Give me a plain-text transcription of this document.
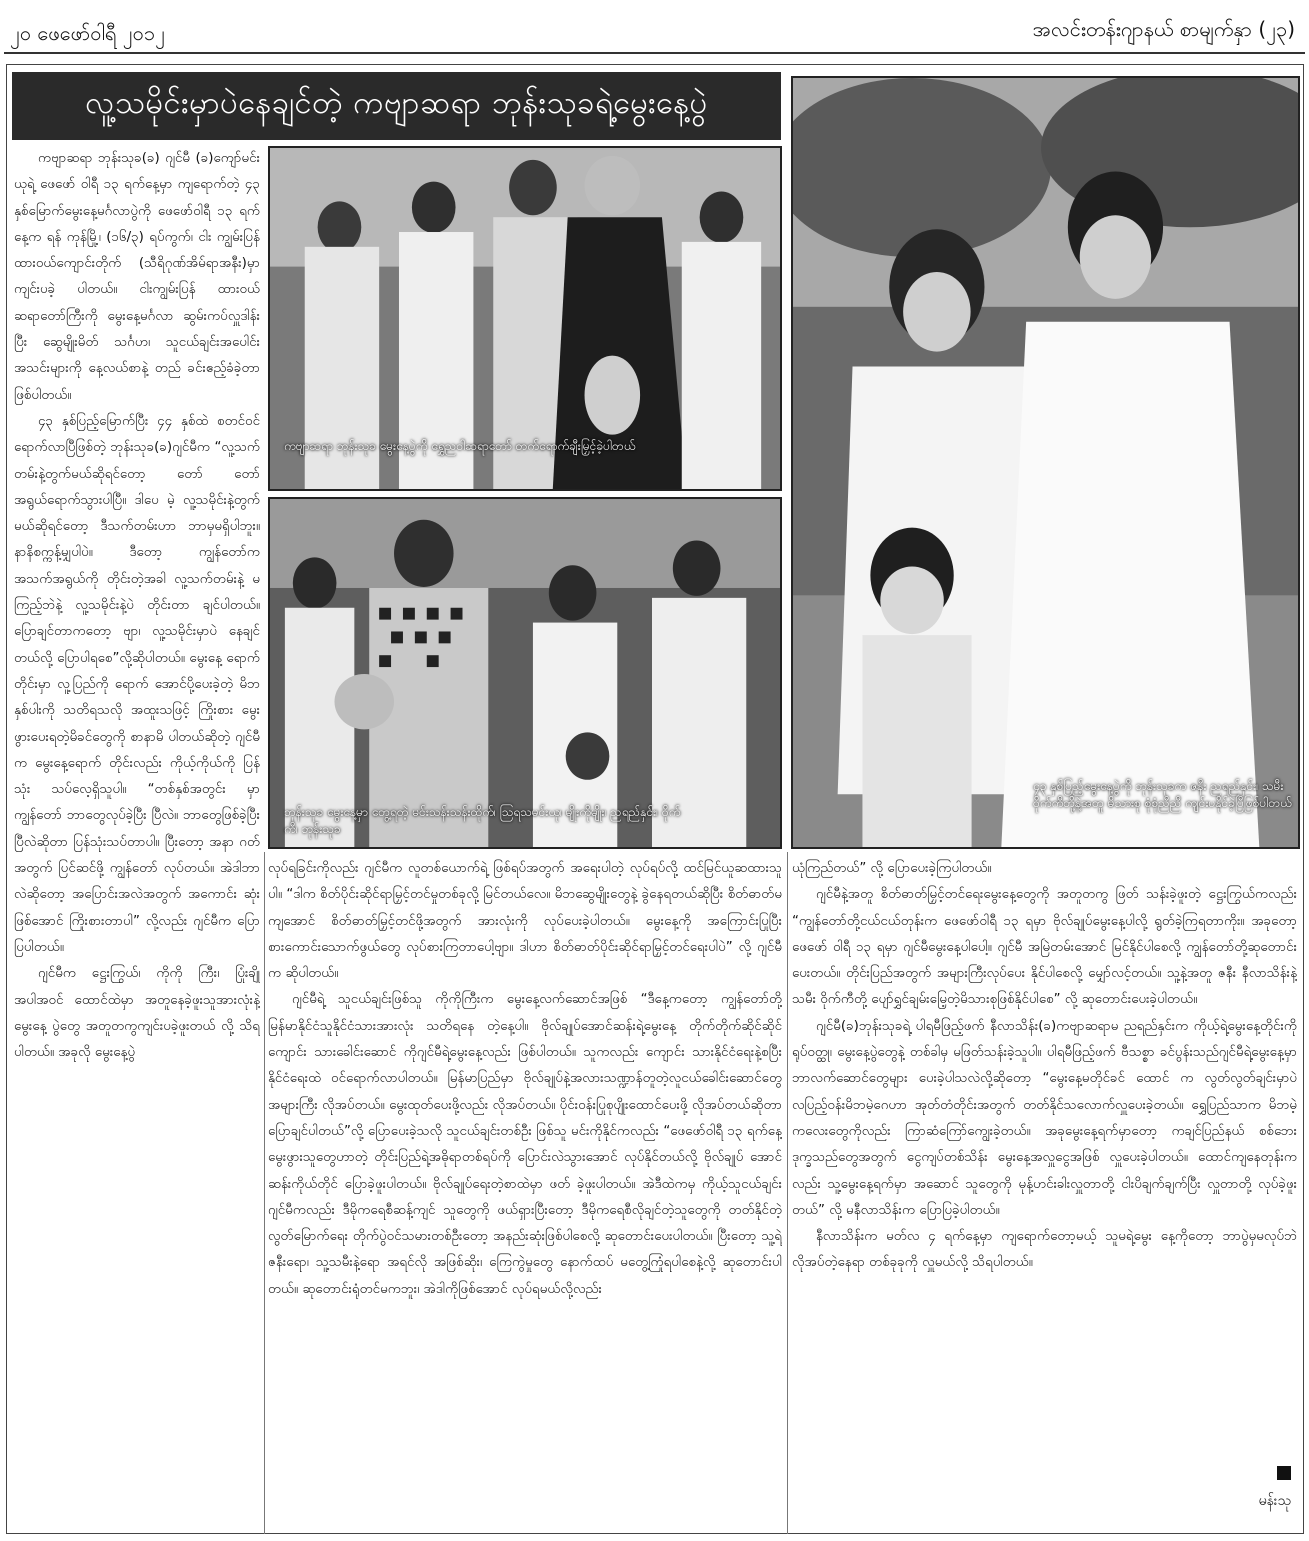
၂၀ ဖေဖော်ဝါရီ ၂၀၁၂	အလင်းတန်းဂျာနယ် စာမျက်နှာ (၂၃)
လူ့သမိုင်းမှာပဲနေချင်တဲ့ ကဗျာဆရာ ဘုန်းသုခရဲ့မွေးနေ့ပွဲ
ကဗျာဆရာ ဘုန်းသုခ မွေးနေ့ပွဲကို ရွှေညဝါဆရာတော် တက်ရောက်ချီးမြှင့်ခဲ့ပါတယ်
ဘုန်းသုခ မွေးနေ့မှာ တွေ့ရတဲ့ မင်းသန်းသန်းထိုက်၊ သြရသမင်းယု၊ မျိုးကိုမျိုး၊ ညရည်နှင်း၊ ဝိုက်ကီ၊ ဘုန်းသုခ
၄၃ နှစ်ပြည့်မွေးနေ့ပွဲကို ဘုန်းသုခက ဇနီး ညရည်နှင်း၊ သမီး ဝိုက်ကီတို့နဲ့အတူ မိသားစု စုံစုံညီညီ ကျင်းပနိုင်ခဲ့ပြီဖြစ်ပါတယ်

ကဗျာဆရာ ဘုန်းသုခ(ခ) ဂျင်မီ (ခ)ကျော်မင်းယုရဲ့ ဖေဖော် ဝါရီ ၁၃ ရက်နေ့မှာ ကျရောက်တဲ့ ၄၃ နှစ်မြောက်မွေးနေ့မင်္ဂလာပွဲကို ဖေဖော်ဝါရီ ၁၃ ရက်နေ့က ရန် ကုန်မြို့၊ (၁၆/၃) ရပ်ကွက်၊ ငါး ကျွမ်းပြန် ထားဝယ်ကျောင်းတိုက် (သီရိဂုဏ်အိမ်ရာအနီး)မှာ ကျင်းပခဲ့ ပါတယ်။ ငါးကျွမ်းပြန် ထားဝယ် ဆရာတော်ကြီးကို မွေးနေ့မင်္ဂလာ ဆွမ်းကပ်လှူဒါန်းပြီး ဆွေမျိုးမိတ် သင်္ဂဟ၊ သူငယ်ချင်းအပေါင်း အသင်းများကို နေ့လယ်စာနဲ့ တည် ခင်းဧည့်ခံခဲ့တာ ဖြစ်ပါတယ်။

၄၃ နှစ်ပြည့်မြောက်ပြီး ၄၄ နှစ်ထဲ စတင်ဝင်ရောက်လာပြီဖြစ်တဲ့ ဘုန်းသုခ(ခ)ဂျင်မီက “လူ့သက် တမ်းနဲ့တွက်မယ်ဆိုရင်တော့ တော် တော်အရွယ်ရောက်သွားပါပြီ။ ဒါပေ မဲ့ လူ့သမိုင်းနဲ့တွက်မယ်ဆိုရင်တော့ ဒီသက်တမ်းဟာ ဘာမှမရှိပါဘူး။ နာနိစက္ကန့်မျှပါပဲ။ ဒီတော့ ကျွန်တော်က အသက်အရွယ်ကို တိုင်းတဲ့အခါ လူ့သက်တမ်းနဲ့ မကြည့်ဘဲနဲ့ လူ့သမိုင်းနဲ့ပဲ တိုင်းတာ ချင်ပါတယ်။ ပြောချင်တာကတော့ ဗျာ၊ လူ့သမိုင်းမှာပဲ နေချင်တယ်လို့ ပြောပါရစေ”လို့ဆိုပါတယ်။ မွေးနေ့ ရောက်တိုင်းမှာ လူ့ပြည်ကို ရောက် အောင်ပို့ပေးခဲ့တဲ့ မိဘနှစ်ပါးကို သတိရသလို အထူးသဖြင့် ကြိုးစား မွေးဖွားပေးရတဲ့မိခင်တွေကို စာနာမိ ပါတယ်ဆိုတဲ့ ဂျင်မီက မွေးနေ့ရောက် တိုင်းလည်း ကိုယ့်ကိုယ်ကို ပြန်သုံး သပ်လေ့ရှိသူပါ။ “တစ်နှစ်အတွင်း မှာ ကျွန်တော် ဘာတွေလုပ်ခဲ့ပြီး ပြီလဲ။ ဘာတွေဖြစ်ခဲ့ပြီးပြီလဲဆိုတာ ပြန်သုံးသပ်တာပါ။ ပြီးတော့ အနာ ဂတ်အတွက် ပြင်ဆင်ဖို့ ကျွန်တော် လုပ်တယ်။ အဲဒါဘာလဲဆိုတော့ အပြောင်းအလဲအတွက် အကောင်း ဆုံးဖြစ်အောင် ကြိုးစားတာပါ” လို့လည်း ဂျင်မီက ပြောပြပါတယ်။

ဂျင်မီက ဋ္ဌေးကြွယ်၊ ကိုကို ကြီး၊ ပြုံးချိုအပါအဝင် ထောင်ထဲမှာ အတူနေခဲ့ဖူးသူအားလုံးနဲ့ မွေးနေ့ ပွဲတွေ အတူတကွကျင်းပခဲ့ဖူးတယ် လို့ သိရပါတယ်။ အခုလို မွေးနေ့ပွဲ

လုပ်ရခြင်းကိုလည်း ဂျင်မီက လူတစ်ယောက်ရဲ့ ဖြစ်ရပ်အတွက် အရေးပါတဲ့ လုပ်ရပ်လို့ ထင်မြင်ယူဆထားသူပါ။ “ဒါက စိတ်ပိုင်းဆိုင်ရာမြှင့်တင်မှုတစ်ခုလို့ မြင်တယ်လေ။ မိဘဆွေမျိုးတွေနဲ့ ခွဲနေရတယ်ဆိုပြီး စိတ်ဓာတ်မကျအောင် စိတ်ဓာတ်မြှင့်တင်ဖို့အတွက် အားလုံးကို လုပ်ပေးခဲ့ပါတယ်။ မွေးနေ့ကို အကြောင်းပြုပြီး စားကောင်းသောက်ဖွယ်တွေ လုပ်စားကြတာပေါ့ဗျာ။ ဒါဟာ စိတ်ဓာတ်ပိုင်းဆိုင်ရာမြှင့်တင်ရေးပါပဲ” လို့ ဂျင်မီက ဆိုပါတယ်။

ဂျင်မီရဲ့ သူငယ်ချင်းဖြစ်သူ ကိုကိုကြီးက မွေးနေ့လက်ဆောင်အဖြစ် “ဒီနေ့ကတော့ ကျွန်တော်တို့ မြန်မာနိုင်ငံသူနိုင်ငံသားအားလုံး သတိရနေ တဲ့နေ့ပါ။ ဗိုလ်ချုပ်အောင်ဆန်းရဲ့မွေးနေ့ တိုက်တိုက်ဆိုင်ဆိုင် ကျောင်း သားခေါင်းဆောင် ကိုဂျင်မီရဲ့မွေးနေ့လည်း ဖြစ်ပါတယ်။ သူကလည်း ကျောင်း သားနိုင်ငံရေးနဲ့စပြီး နိုင်ငံရေးထဲ ဝင်ရောက်လာပါတယ်။ မြန်မာပြည်မှာ ဗိုလ်ချုပ်နဲ့အလားသဏ္ဍာန်တူတဲ့လူငယ်ခေါင်းဆောင်တွေ အများကြီး လိုအပ်တယ်။ မွေးထုတ်ပေးဖို့လည်း လိုအပ်တယ်။ ပိုင်းဝန်းပြုစုပျိုးထောင်ပေးဖို့ လိုအပ်တယ်ဆိုတာ ပြောချင်ပါတယ်”လို့ ပြောပေးခဲ့သလို သူငယ်ချင်းတစ်ဦး ဖြစ်သူ မင်းကိုနိုင်ကလည်း “ဖေဖော်ဝါရီ ၁၃ ရက်နေ့ မွေးဖွားသူတွေဟာတဲ့ တိုင်းပြည်ရဲ့အဓိုရာတစ်ရပ်ကို ပြောင်းလဲသွားအောင် လုပ်နိုင်တယ်လို့ ဗိုလ်ချုပ် အောင်ဆန်းကိုယ်တိုင် ပြောခဲ့ဖူးပါတယ်။ ဗိုလ်ချုပ်ရေးတဲ့စာထဲမှာ ဖတ် ခဲ့ဖူးပါတယ်။ အဲဒီထဲကမှ ကိုယ့်သူငယ်ချင်းဂျင်မီကလည်း ဒီမိုကရေစီဆန့်ကျင် သူတွေကို ဖယ်ရှားပြီးတော့ ဒီမိုကရေစီလိုချင်တဲ့သူတွေကို တတ်နိုင်တဲ့ လွတ်မြောက်ရေး တိုက်ပွဲဝင်သမားတစ်ဦးတော့ အနည်းဆုံးဖြစ်ပါစေလို့ ဆုတောင်းပေးပါတယ်။ ပြီးတော့ သူ့ရဲ့ဇနီးရော၊ သူ့သမီးနဲ့ရော အရင်လို အဖြစ်ဆိုး၊ ကြေကွဲမှုတွေ နောက်ထပ် မတွေ့ကြုံရပါစေနဲ့လို့ ဆုတောင်းပါ တယ်။ ဆုတောင်းရုံတင်မကဘူး၊ အဲဒါကိုဖြစ်အောင် လုပ်ရမယ်လို့လည်း

ယုံကြည်တယ်” လို့ ပြောပေးခဲ့ကြပါတယ်။

ဂျင်မီနဲ့အတူ စိတ်ဓာတ်မြှင့်တင်ရေးမွေးနေ့တွေကို အတူတကွ ဖြတ် သန်းခဲ့ဖူးတဲ့ ဋ္ဌေးကြွယ်ကလည်း “ကျွန်တော်တို့ငယ်ငယ်တုန်းက ဖေဖော်ဝါရီ ၁၃ ရမှာ ဗိုလ်ချုပ်မွေးနေ့ပါလို့ ရွတ်ခဲ့ကြရတာကိုး။ အခုတော့ ဖေဖော် ဝါရီ ၁၃ ရမှာ ဂျင်မီမွေးနေ့ပါပေါ့။ ဂျင်မီ အမြဲတမ်းအောင် မြင်နိုင်ပါစေလို့ ကျွန်တော်တို့ဆုတောင်းပေးတယ်။ တိုင်းပြည်အတွက် အများကြီးလုပ်ပေး နိုင်ပါစေလို့ မျှော်လင့်တယ်။ သူ့နဲ့အတူ ဇနီး နီလာသိန်းနဲ့သမီး ဝိုက်ကီတို့ ပျော်ရွှင်ချမ်းမြေ့တဲ့မိသားစုဖြစ်နိုင်ပါစေ” လို့ ဆုတောင်းပေးခဲ့ပါတယ်။

ဂျင်မီ(ခ)ဘုန်းသုခရဲ့ ပါရမီဖြည့်ဖက် နီလာသိန်း(ခ)ကဗျာဆရာမ ညရည်နှင်းက ကိုယ့်ရဲ့မွေးနေ့တိုင်းကို ရုပ်ဝတ္ထု၊ မွေးနေ့ပွဲတွေနဲ့ တစ်ခါမှ မဖြတ်သန်းခဲ့သူပါ။ ပါရမီဖြည့်ဖက် ဗီသစ္စာ ခင်ပွန်းသည်ဂျင်မီရဲ့မွေးနေ့မှာ ဘာလက်ဆောင်တွေများ ပေးခဲ့ပါသလဲလို့ဆိုတော့ “မွေးနေ့မတိုင်ခင် ထောင် က လွတ်လွတ်ချင်းမှာပဲ လပြည့်ဝန်းမိဘမဲ့ဂေဟာ အုတ်တံတိုင်းအတွက် တတ်နိုင်သလောက်လှူပေးခဲ့တယ်။ ရွှေပြည်သာက မိဘမဲ့ကလေးတွေကိုလည်း ကြာဆံကြော်ကျွေးခဲ့တယ်။ အခုမွေးနေ့ရက်မှာတော့ ကချင်ပြည်နယ် စစ်ဘေးဒုက္ခသည်တွေအတွက် ငွေကျပ်တစ်သိန်း မွေးနေ့အလှူငွေအဖြစ် လှူပေးခဲ့ပါတယ်။ ထောင်ကျနေတုန်းကလည်း သူ့မွေးနေ့ရက်မှာ အဆောင် သူတွေကို မုန့်ဟင်းခါးလှူတာတို့ ငါးပိချက်ချက်ပြီး လှူတာတို့ လုပ်ခဲ့ဖူး တယ်” လို့ မနီလာသိန်းက ပြောပြခဲ့ပါတယ်။

နီလာသိန်းက မတ်လ ၄ ရက်နေ့မှာ ကျရောက်တော့မယ့် သူမရဲ့မွေး နေ့ကိုတော့ ဘာပွဲမှမလုပ်ဘဲ လိုအပ်တဲ့နေရာ တစ်ခုခုကို လှူမယ်လို့ သိရပါတယ်။

မန်းသု
